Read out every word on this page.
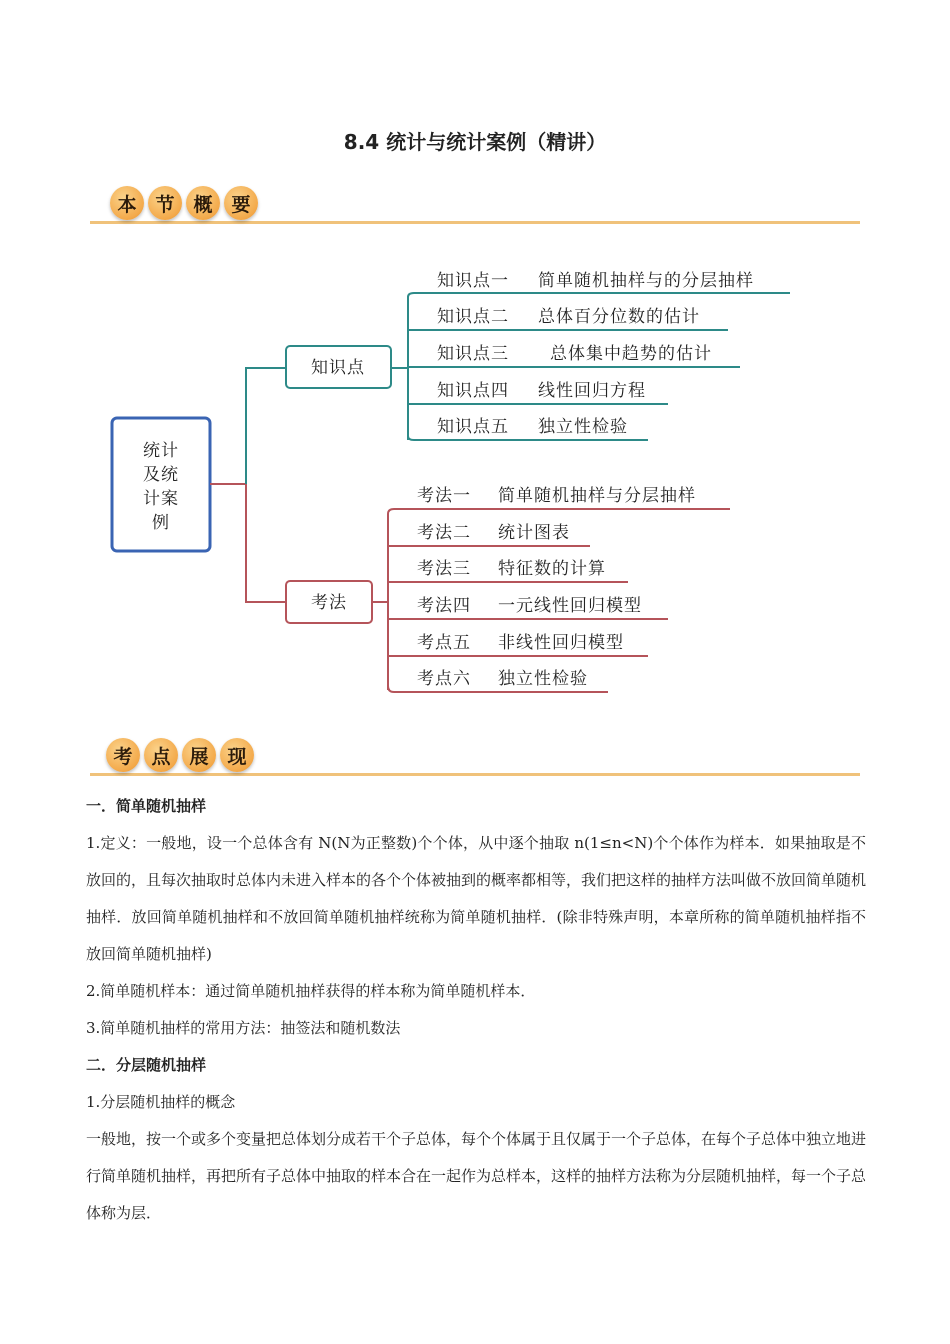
8.4 统计与统计案例（精讲）
本 节 概 要
统计
及统
计案
例
知识点
知识点一 简单随机抽样与的分层抽样
知识点二 总体百分位数的估计
知识点三 总体集中趋势的估计
知识点四 线性回归方程
知识点五 独立性检验
考法
考法一 简单随机抽样与分层抽样
考法二 统计图表
考法三 特征数的计算
考法四 一元线性回归模型
考点五 非线性回归模型
考点六 独立性检验
考 点 展 现

一．简单随机抽样

1.定义：一般地，设一个总体含有 N(N为正整数)个个体，从中逐个抽取 n(1≤n<N)个个体作为样本．如果抽取是不放回的，且每次抽取时总体内未进入样本的各个个体被抽到的概率都相等，我们把这样的抽样方法叫做不放回简单随机抽样．放回简单随机抽样和不放回简单随机抽样统称为简单随机抽样．(除非特殊声明，本章所称的简单随机抽样指不放回简单随机抽样)

2.简单随机样本：通过简单随机抽样获得的样本称为简单随机样本．

3.简单随机抽样的常用方法：抽签法和随机数法

二．分层随机抽样

1.分层随机抽样的概念

一般地，按一个或多个变量把总体划分成若干个子总体，每个个体属于且仅属于一个子总体，在每个子总体中独立地进行简单随机抽样，再把所有子总体中抽取的样本合在一起作为总样本，这样的抽样方法称为分层随机抽样，每一个子总体称为层．
